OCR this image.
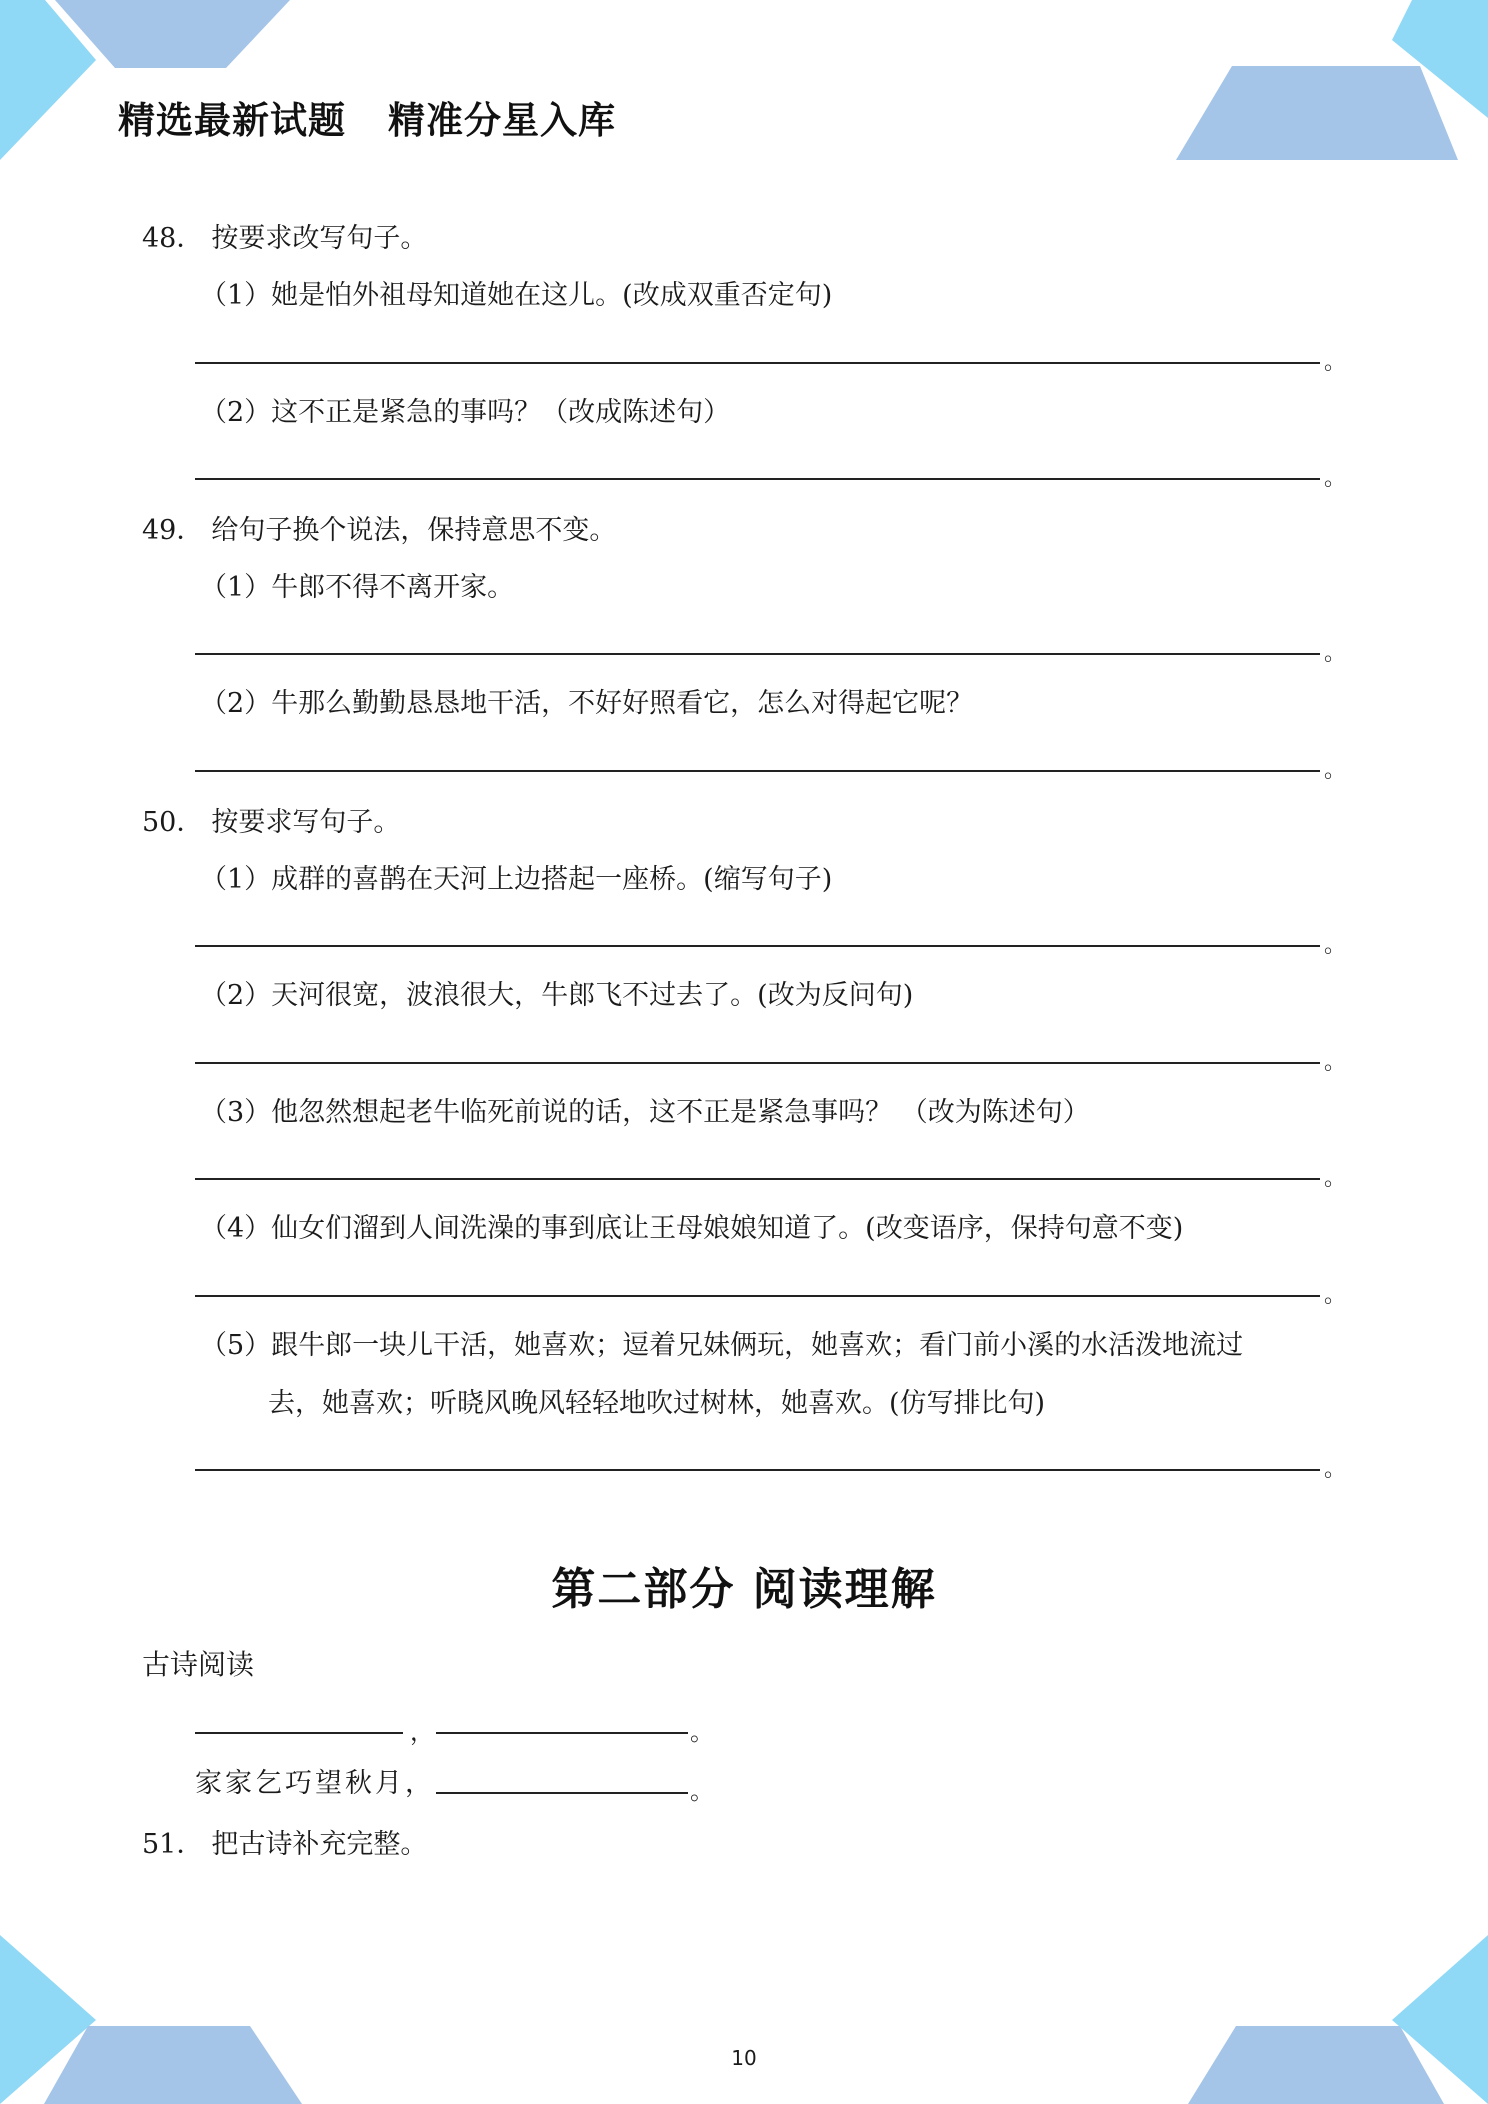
精选最新试题 精准分星入库
48． 按要求改写句子。
（1）她是怕外祖母知道她在这儿。(改成双重否定句)
。
（2）这不正是紧急的事吗？（改成陈述句）
。
49． 给句子换个说法，保持意思不变。
（1）牛郎不得不离开家。
。
（2）牛那么勤勤恳恳地干活，不好好照看它，怎么对得起它呢？
。
50． 按要求写句子。
（1）成群的喜鹊在天河上边搭起一座桥。(缩写句子)
。
（2）天河很宽，波浪很大，牛郎飞不过去了。(改为反问句)
。
（3）他忽然想起老牛临死前说的话，这不正是紧急事吗？ （改为陈述句）
。
（4）仙女们溜到人间洗澡的事到底让王母娘娘知道了。(改变语序，保持句意不变)
。
（5）跟牛郎一块儿干活，她喜欢；逗着兄妹俩玩，她喜欢；看门前小溪的水活泼地流过
去，她喜欢；听晓风晚风轻轻地吹过树林，她喜欢。(仿写排比句)
。
第二部分 阅读理解
古诗阅读
，	。
家家乞巧望秋月，	。
51． 把古诗补充完整。
10
